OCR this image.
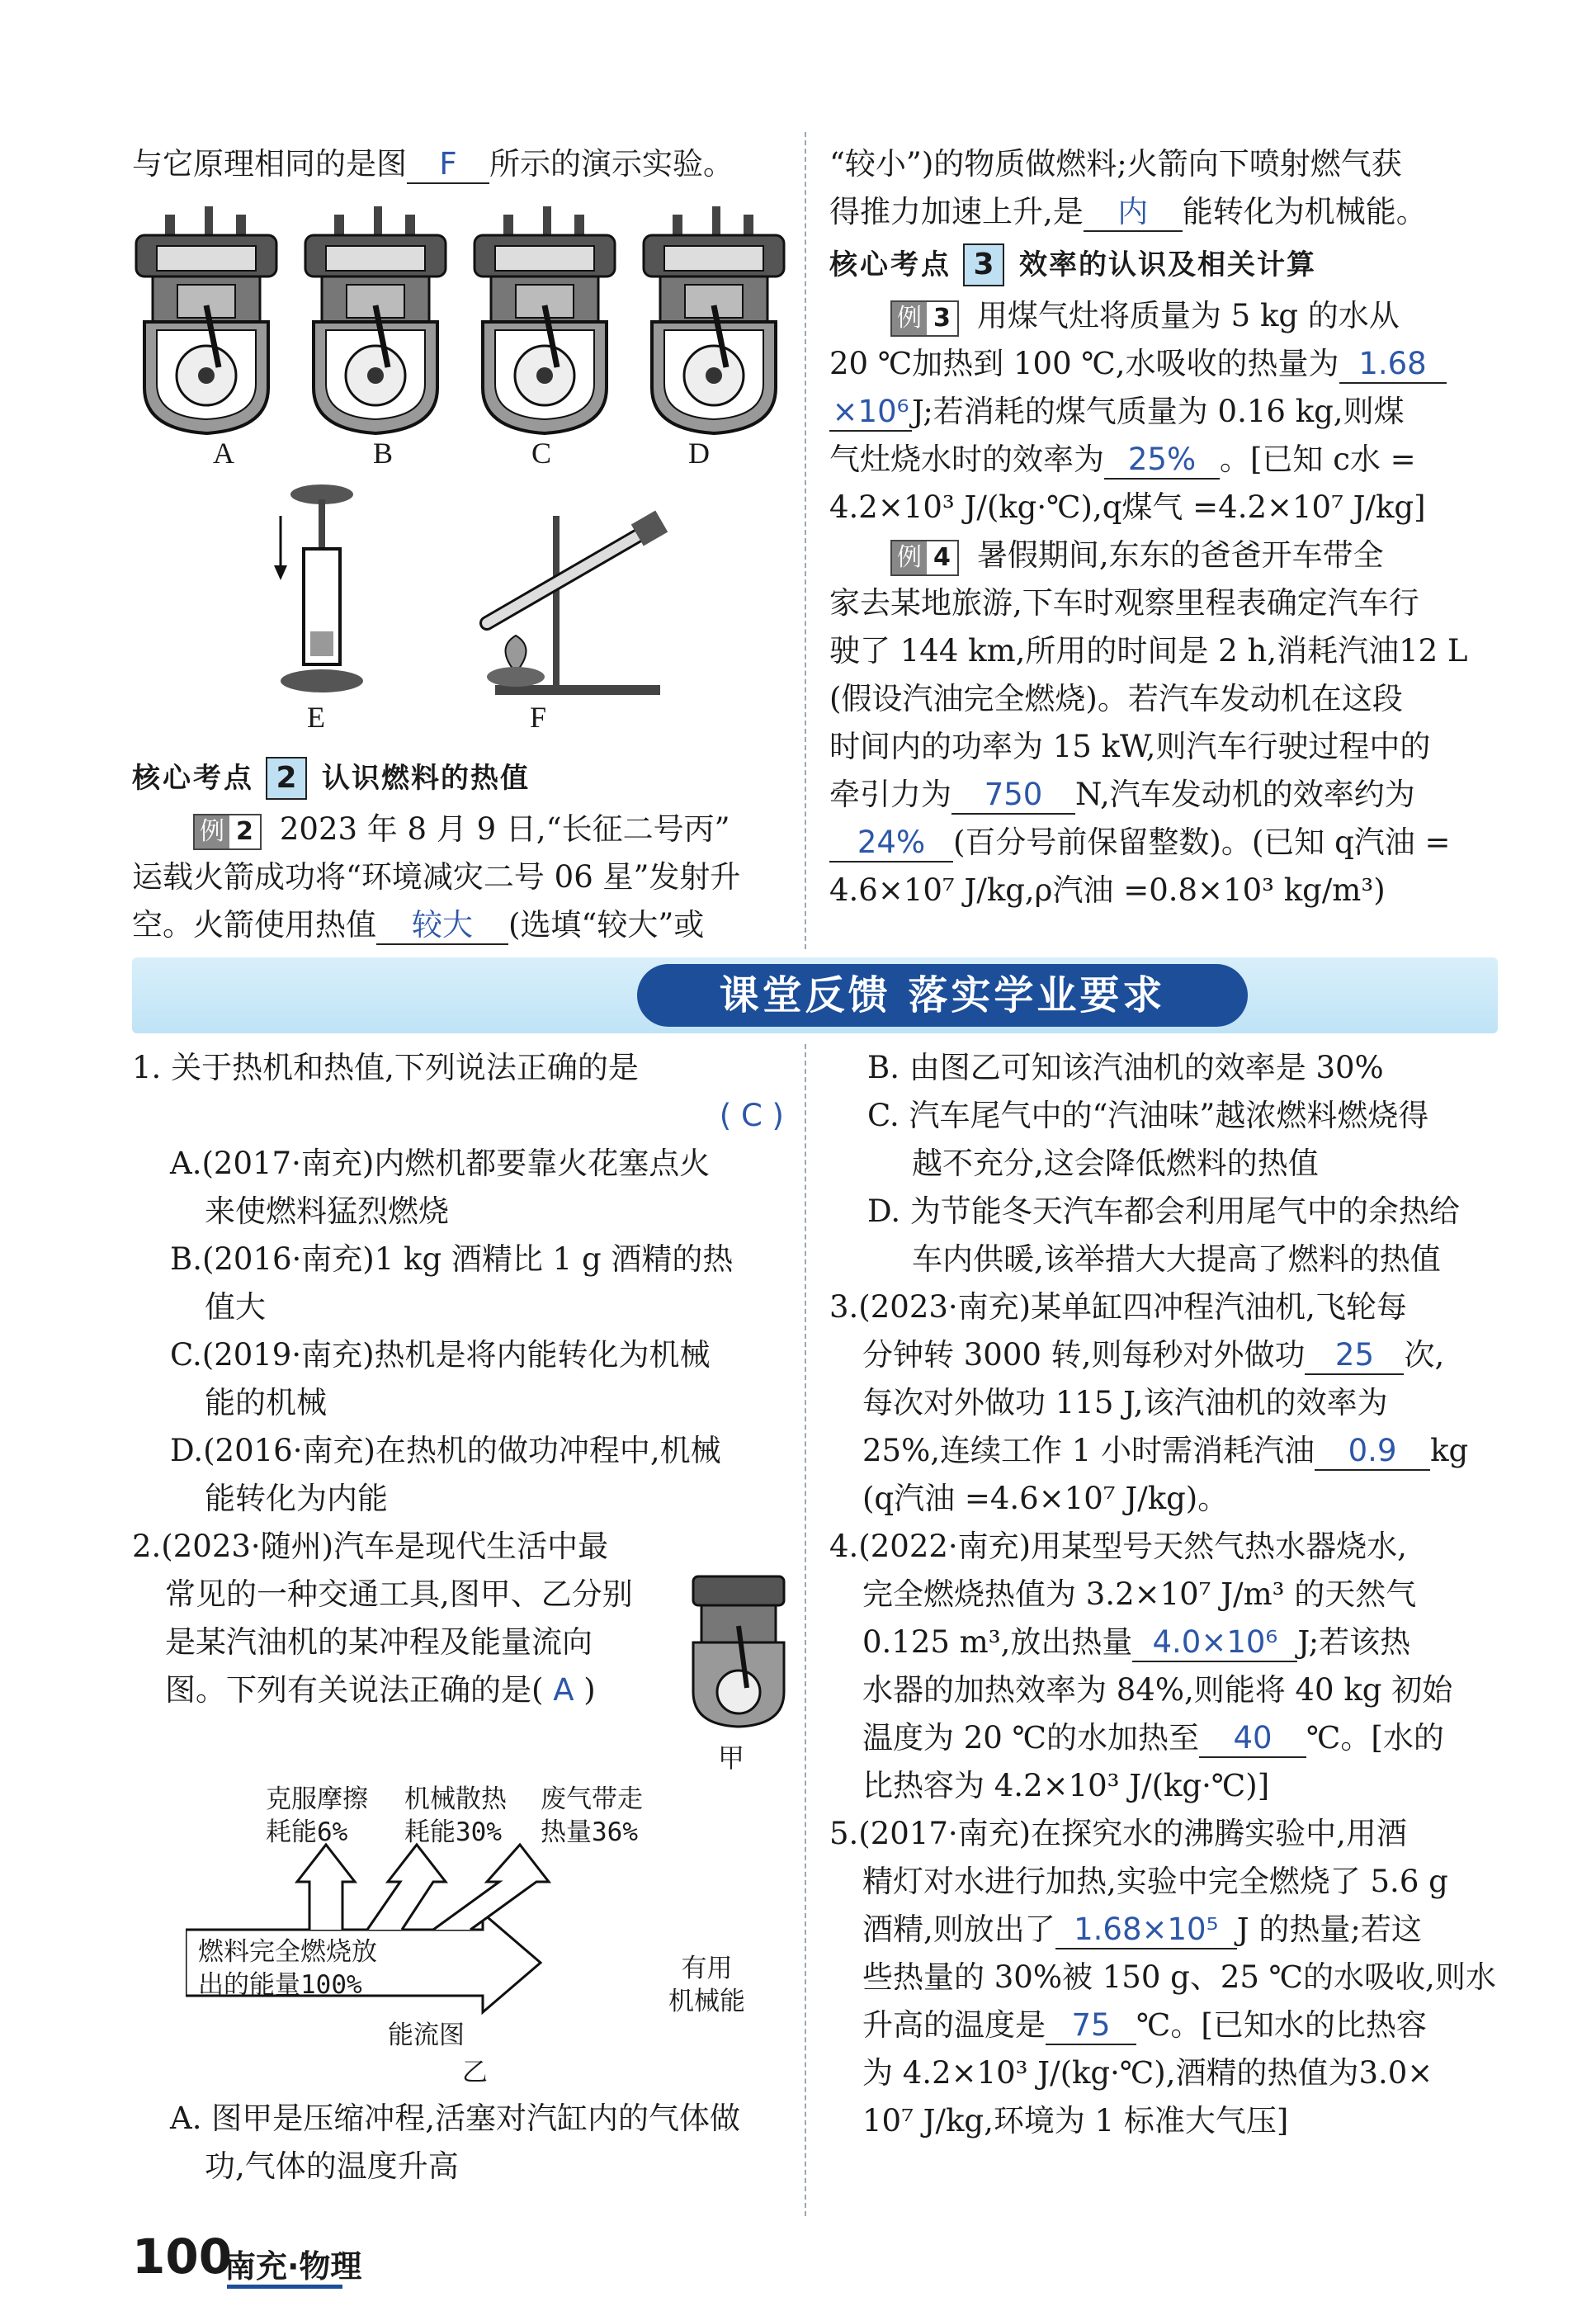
与它原理相同的是图 F 所示的演示实验。

A	B	C	D
E	F
核心考点 2 认识燃料的热值

例 2 2023 年 8 月 9 日,“长征二号丙”

运载火箭成功将“环境减灾二号 06 星”发射升

空。火箭使用热值 较大 (选填“较大”或

“较小”)的物质做燃料;火箭向下喷射燃气获

得推力加速上升,是 内 能转化为机械能。

核心考点 3 效率的认识及相关计算

例 3 用煤气灶将质量为 5 kg 的水从

20 ℃加热到 100 ℃,水吸收的热量为 1.68

×10⁶J;若消耗的煤气质量为 0.16 kg,则煤

气灶烧水时的效率为 25% 。[已知 c水 =

4.2×10³ J/(kg·℃),q煤气 =4.2×10⁷ J/kg]

例 4 暑假期间,东东的爸爸开车带全

家去某地旅游,下车时观察里程表确定汽车行

驶了 144 km,所用的时间是 2 h,消耗汽油12 L

(假设汽油完全燃烧)。若汽车发动机在这段

时间内的功率为 15 kW,则汽车行驶过程中的

牵引力为 750 N,汽车发动机的效率约为

24% (百分号前保留整数)。(已知 q汽油 =

4.6×10⁷ J/kg,ρ汽油 =0.8×10³ kg/m³)

课堂反馈 落实学业要求

1. 关于热机和热值,下列说法正确的是

( C )

A.(2017·南充)内燃机都要靠火花塞点火

来使燃料猛烈燃烧

B.(2016·南充)1 kg 酒精比 1 g 酒精的热

值大

C.(2019·南充)热机是将内能转化为机械

能的机械

D.(2016·南充)在热机的做功冲程中,机械

能转化为内能

2.(2023·随州)汽车是现代生活中最

常见的一种交通工具,图甲、乙分别

是某汽油机的某冲程及能量流向

图。下列有关说法正确的是( A )

甲
克服摩擦
耗能6%
机械散热
耗能30%
废气带走
热量36%
燃料完全燃烧放
出的能量100%
有用
机械能
能流图
乙

A. 图甲是压缩冲程,活塞对汽缸内的气体做

功,气体的温度升高

B. 由图乙可知该汽油机的效率是 30%

C. 汽车尾气中的“汽油味”越浓燃料燃烧得

越不充分,这会降低燃料的热值

D. 为节能冬天汽车都会利用尾气中的余热给

车内供暖,该举措大大提高了燃料的热值

3.(2023·南充)某单缸四冲程汽油机,飞轮每

分钟转 3000 转,则每秒对外做功 25 次,

每次对外做功 115 J,该汽油机的效率为

25%,连续工作 1 小时需消耗汽油 0.9 kg

(q汽油 =4.6×10⁷ J/kg)。

4.(2022·南充)用某型号天然气热水器烧水,

完全燃烧热值为 3.2×10⁷ J/m³ 的天然气

0.125 m³,放出热量 4.0×10⁶ J;若该热

水器的加热效率为 84%,则能将 40 kg 初始

温度为 20 ℃的水加热至 40 ℃。[水的

比热容为 4.2×10³ J/(kg·℃)]

5.(2017·南充)在探究水的沸腾实验中,用酒

精灯对水进行加热,实验中完全燃烧了 5.6 g

酒精,则放出了 1.68×10⁵ J 的热量;若这

些热量的 30%被 150 g、25 ℃的水吸收,则水

升高的温度是 75 ℃。[已知水的比热容

为 4.2×10³ J/(kg·℃),酒精的热值为3.0×

10⁷ J/kg,环境为 1 标准大气压]

100
南充·物理
